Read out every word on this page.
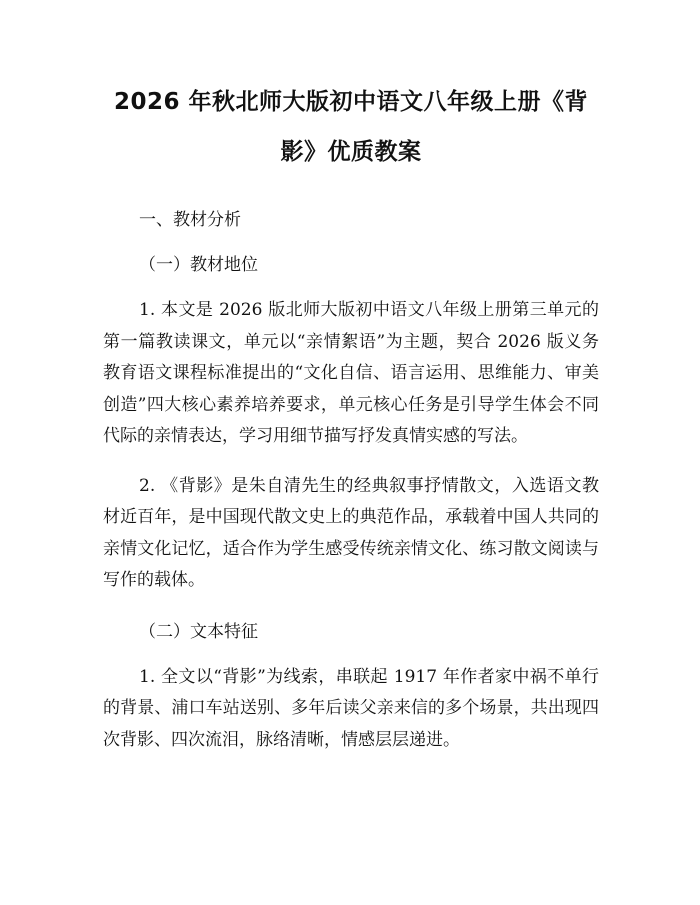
2026 年秋北师大版初中语文八年级上册《背影》优质教案

一、教材分析

（一）教材地位

1. 本文是 2026 版北师大版初中语文八年级上册第三单元的第一篇教读课文，单元以“亲情絮语”为主题，契合 2026 版义务教育语文课程标准提出的“文化自信、语言运用、思维能力、审美创造”四大核心素养培养要求，单元核心任务是引导学生体会不同代际的亲情表达，学习用细节描写抒发真情实感的写法。

2. 《背影》是朱自清先生的经典叙事抒情散文，入选语文教材近百年，是中国现代散文史上的典范作品，承载着中国人共同的亲情文化记忆，适合作为学生感受传统亲情文化、练习散文阅读与写作的载体。

（二）文本特征

1. 全文以“背影”为线索，串联起 1917 年作者家中祸不单行的背景、浦口车站送别、多年后读父亲来信的多个场景，共出现四次背影、四次流泪，脉络清晰，情感层层递进。
